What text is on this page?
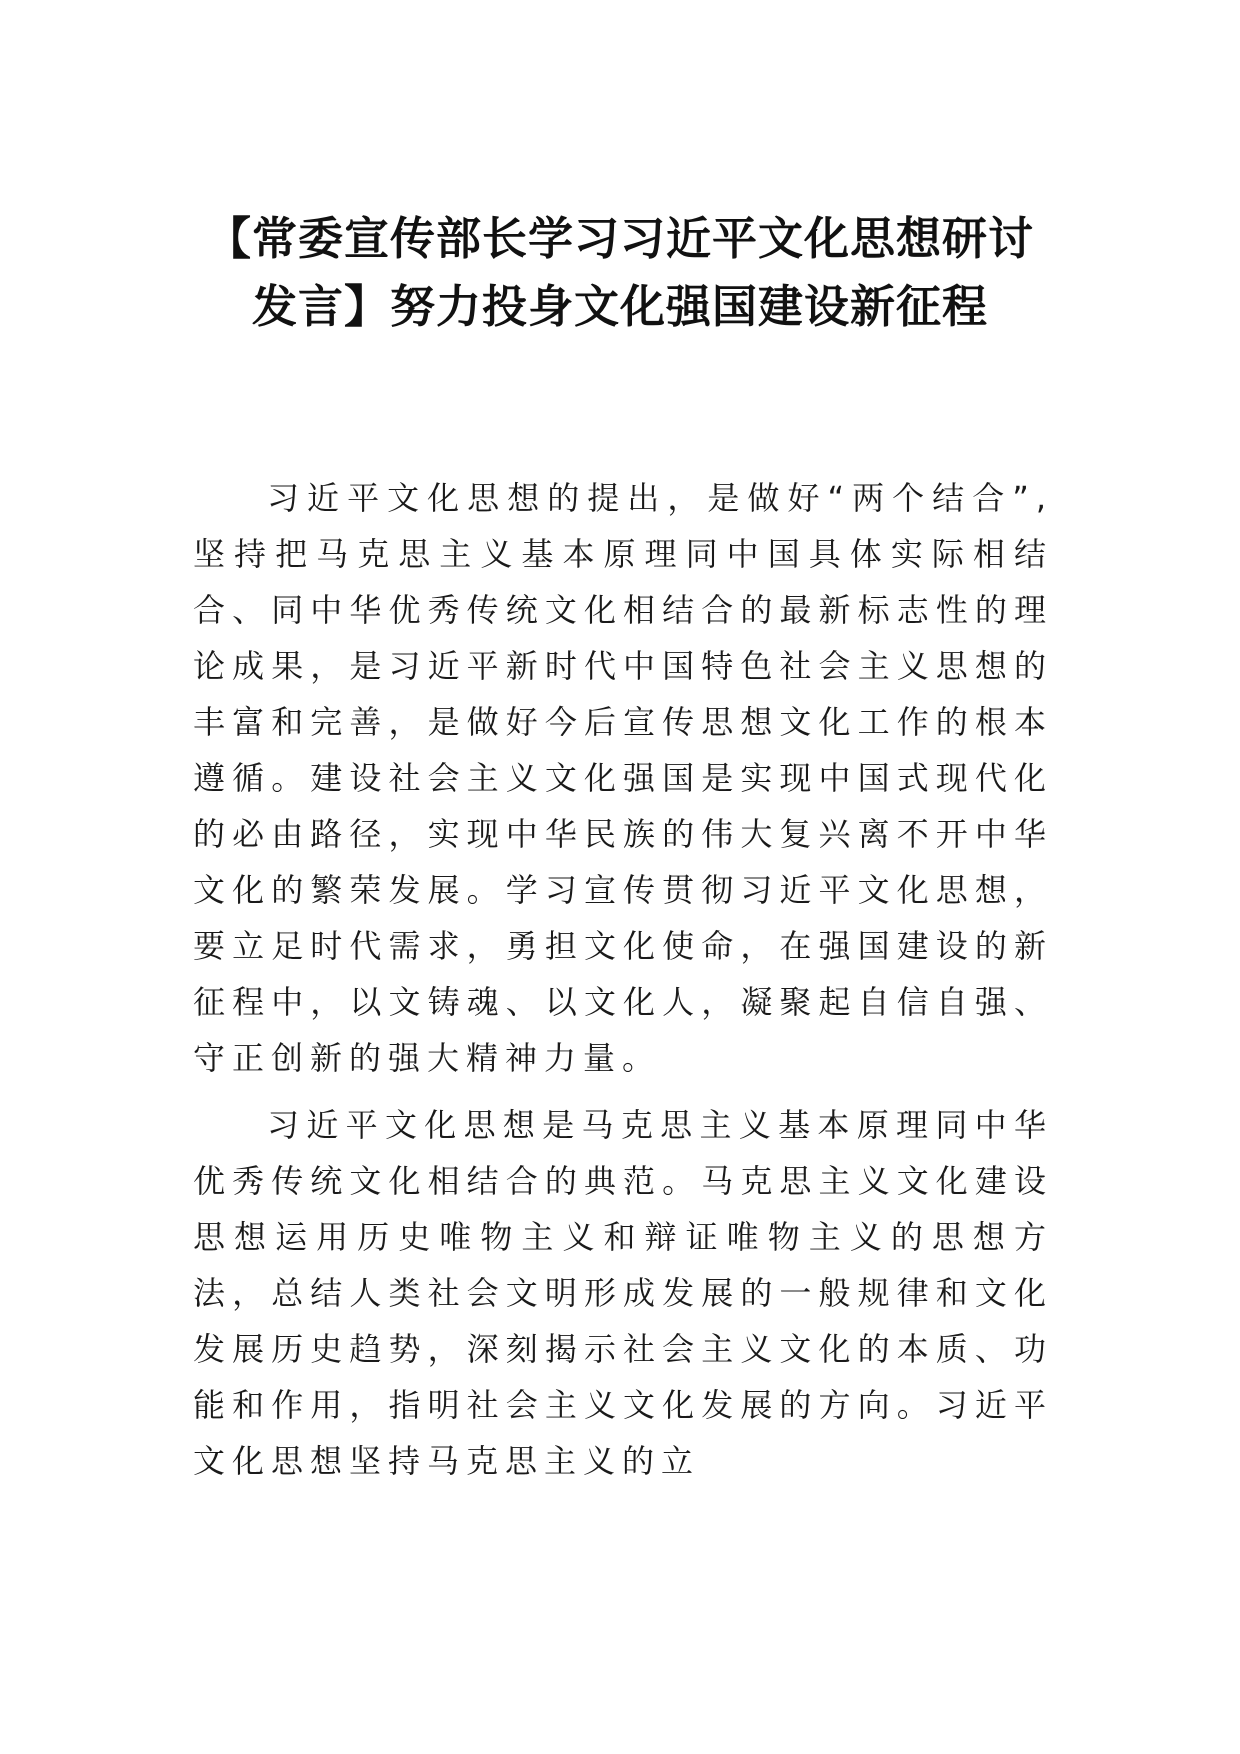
【常委宣传部长学习习近平文化思想研讨发言】努力投身文化强国建设新征程

习近平文化思想的提出，是做好“两个结合”,坚持把马克思主义基本原理同中国具体实际相结合、同中华优秀传统文化相结合的最新标志性的理论成果，是习近平新时代中国特色社会主义思想的丰富和完善，是做好今后宣传思想文化工作的根本遵循。建设社会主义文化强国是实现中国式现代化的必由路径，实现中华民族的伟大复兴离不开中华文化的繁荣发展。学习宣传贯彻习近平文化思想，要立足时代需求，勇担文化使命，在强国建设的新征程中，以文铸魂、以文化人，凝聚起自信自强、守正创新的强大精神力量。

习近平文化思想是马克思主义基本原理同中华优秀传统文化相结合的典范。马克思主义文化建设思想运用历史唯物主义和辩证唯物主义的思想方法，总结人类社会文明形成发展的一般规律和文化发展历史趋势，深刻揭示社会主义文化的本质、功能和作用，指明社会主义文化发展的方向。习近平文化思想坚持马克思主义的立
